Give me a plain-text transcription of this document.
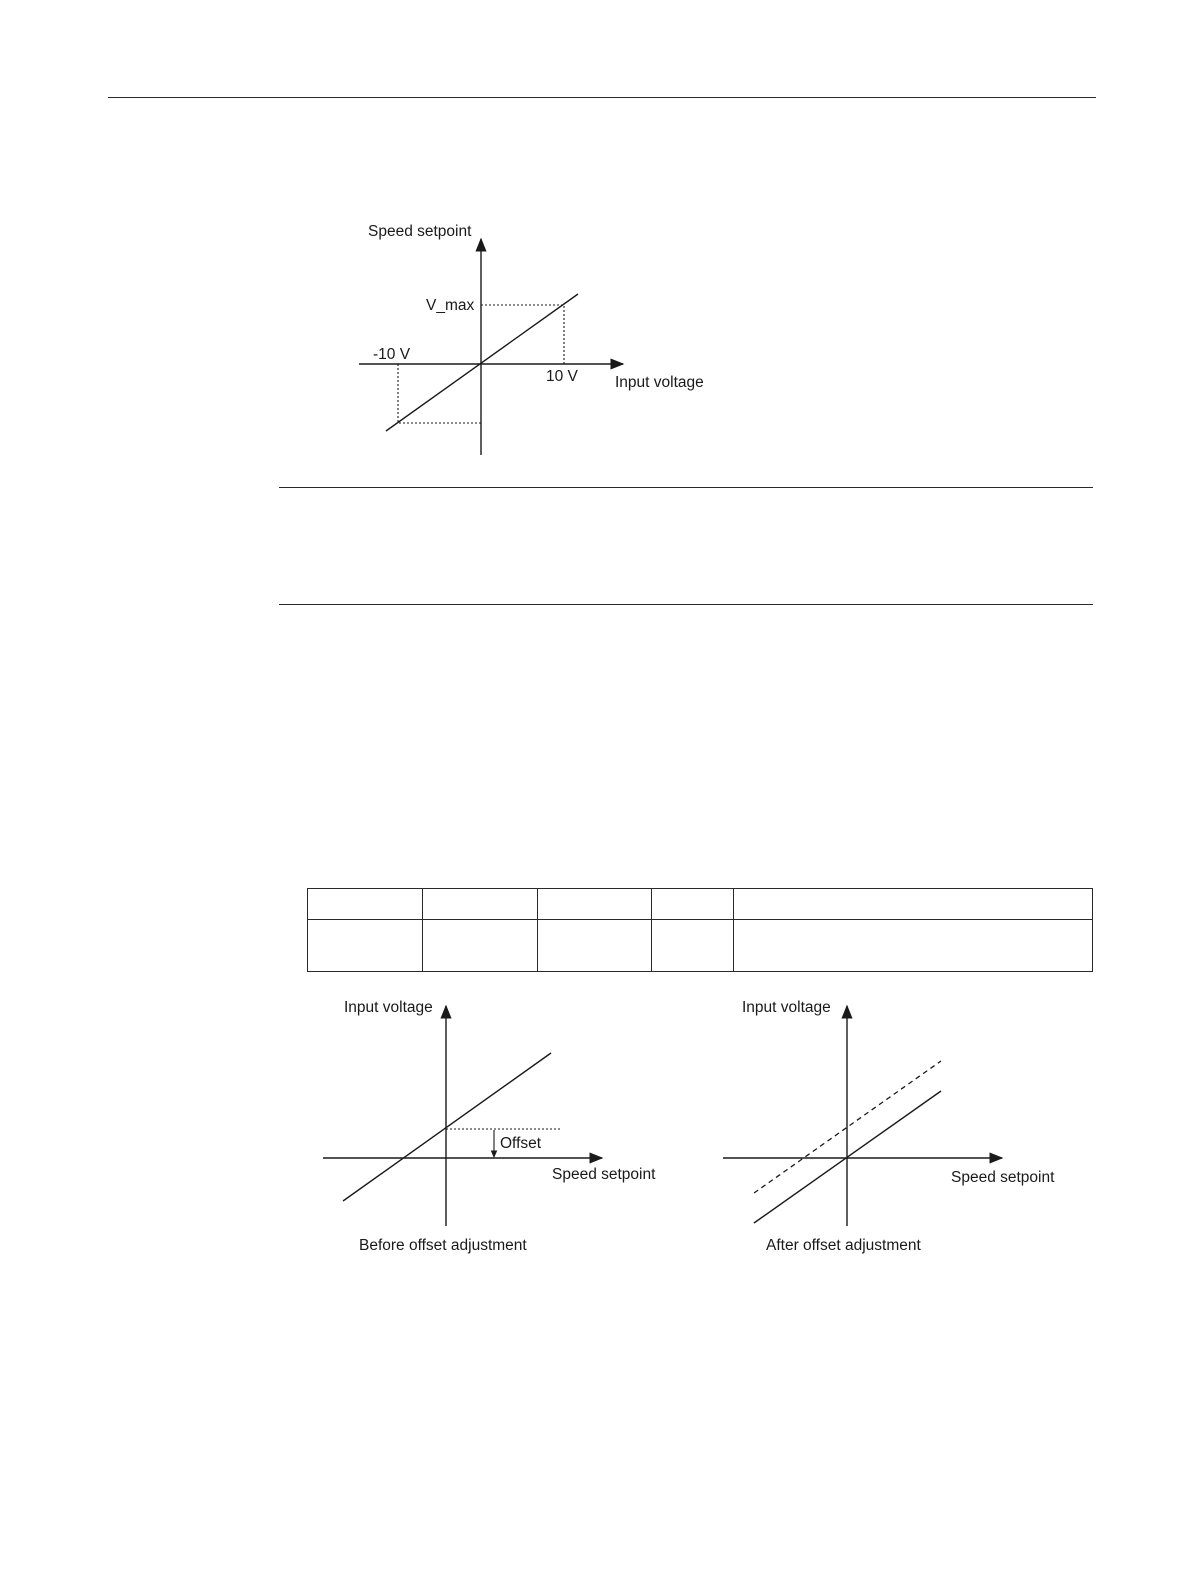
Speed setpoint
V_max
-10 V
10 V Input voltage

Input voltage
Offset
Speed setpoint
Before offset adjustment
Input voltage
Speed setpoint
After offset adjustment
